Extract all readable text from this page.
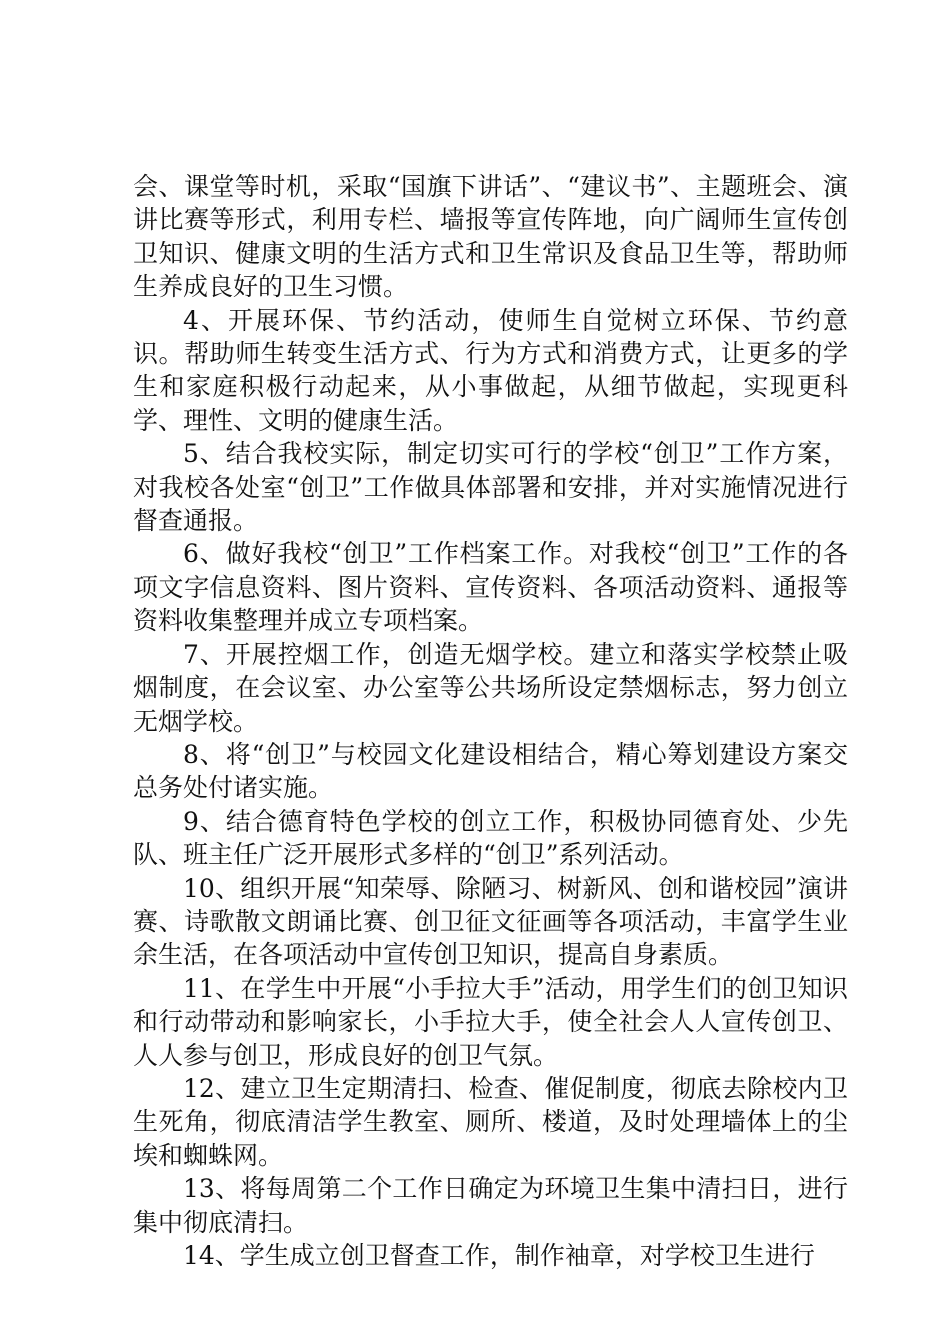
会、课堂等时机，采取“国旗下讲话”、“建议书”、主题班会、演讲比赛等形式，利用专栏、墙报等宣传阵地，向广阔师生宣传创卫知识、健康文明的生活方式和卫生常识及食品卫生等，帮助师生养成良好的卫生习惯。

4、开展环保、节约活动，使师生自觉树立环保、节约意识。帮助师生转变生活方式、行为方式和消费方式，让更多的学生和家庭积极行动起来，从小事做起，从细节做起，实现更科学、理性、文明的健康生活。

5、结合我校实际，制定切实可行的学校“创卫”工作方案，对我校各处室“创卫”工作做具体部署和安排，并对实施情况进行督查通报。

6、做好我校“创卫”工作档案工作。对我校“创卫”工作的各项文字信息资料、图片资料、宣传资料、各项活动资料、通报等资料收集整理并成立专项档案。

7、开展控烟工作，创造无烟学校。建立和落实学校禁止吸烟制度，在会议室、办公室等公共场所设定禁烟标志，努力创立无烟学校。

8、将“创卫”与校园文化建设相结合，精心筹划建设方案交总务处付诸实施。

9、结合德育特色学校的创立工作，积极协同德育处、少先队、班主任广泛开展形式多样的“创卫”系列活动。

10、组织开展“知荣辱、除陋习、树新风、创和谐校园”演讲赛、诗歌散文朗诵比赛、创卫征文征画等各项活动，丰富学生业余生活，在各项活动中宣传创卫知识，提高自身素质。

11、在学生中开展“小手拉大手”活动，用学生们的创卫知识和行动带动和影响家长，小手拉大手，使全社会人人宣传创卫、人人参与创卫，形成良好的创卫气氛。

12、建立卫生定期清扫、检查、催促制度，彻底去除校内卫生死角，彻底清洁学生教室、厕所、楼道，及时处理墙体上的尘埃和蜘蛛网。

13、将每周第二个工作日确定为环境卫生集中清扫日，进行集中彻底清扫。

14、学生成立创卫督查工作，制作袖章，对学校卫生进行
